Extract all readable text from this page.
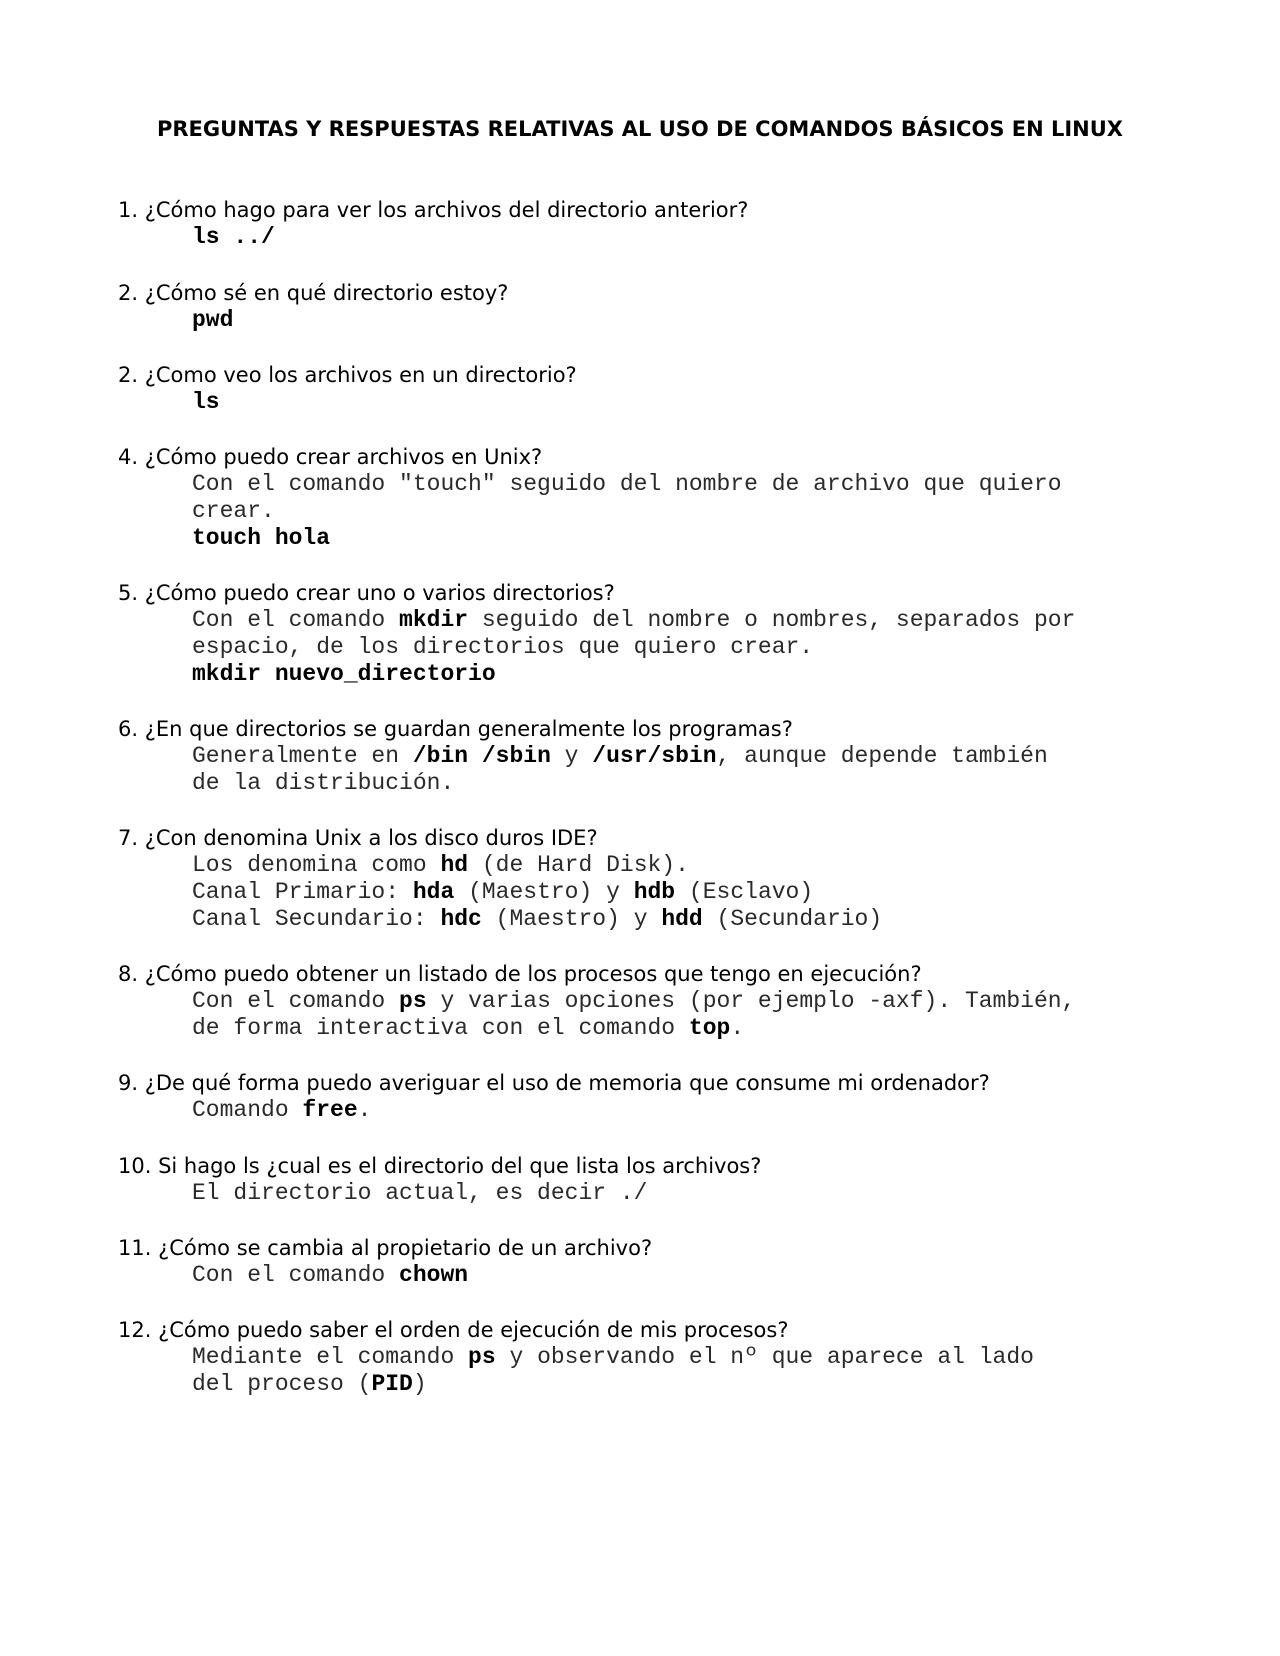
PREGUNTAS Y RESPUESTAS RELATIVAS AL USO DE COMANDOS BÁSICOS EN LINUX
1. ¿Cómo hago para ver los archivos del directorio anterior?
ls ../
2. ¿Cómo sé en qué directorio estoy?
pwd
2. ¿Como veo los archivos en un directorio?
ls
4. ¿Cómo puedo crear archivos en Unix?
Con el comando "touch" seguido del nombre de archivo que quiero
crear.
touch hola
5. ¿Cómo puedo crear uno o varios directorios?
Con el comando mkdir seguido del nombre o nombres, separados por
espacio, de los directorios que quiero crear.
mkdir nuevo_directorio
6. ¿En que directorios se guardan generalmente los programas?
Generalmente en /bin /sbin y /usr/sbin, aunque depende también
de la distribución.
7. ¿Con denomina Unix a los disco duros IDE?
Los denomina como hd (de Hard Disk).
Canal Primario: hda (Maestro) y hdb (Esclavo)
Canal Secundario: hdc (Maestro) y hdd (Secundario)
8. ¿Cómo puedo obtener un listado de los procesos que tengo en ejecución?
Con el comando ps y varias opciones (por ejemplo -axf). También,
de forma interactiva con el comando top.
9. ¿De qué forma puedo averiguar el uso de memoria que consume mi ordenador?
Comando free.
10. Si hago ls ¿cual es el directorio del que lista los archivos?
El directorio actual, es decir ./
11. ¿Cómo se cambia al propietario de un archivo?
Con el comando chown
12. ¿Cómo puedo saber el orden de ejecución de mis procesos?
Mediante el comando ps y observando el nº que aparece al lado
del proceso (PID)
